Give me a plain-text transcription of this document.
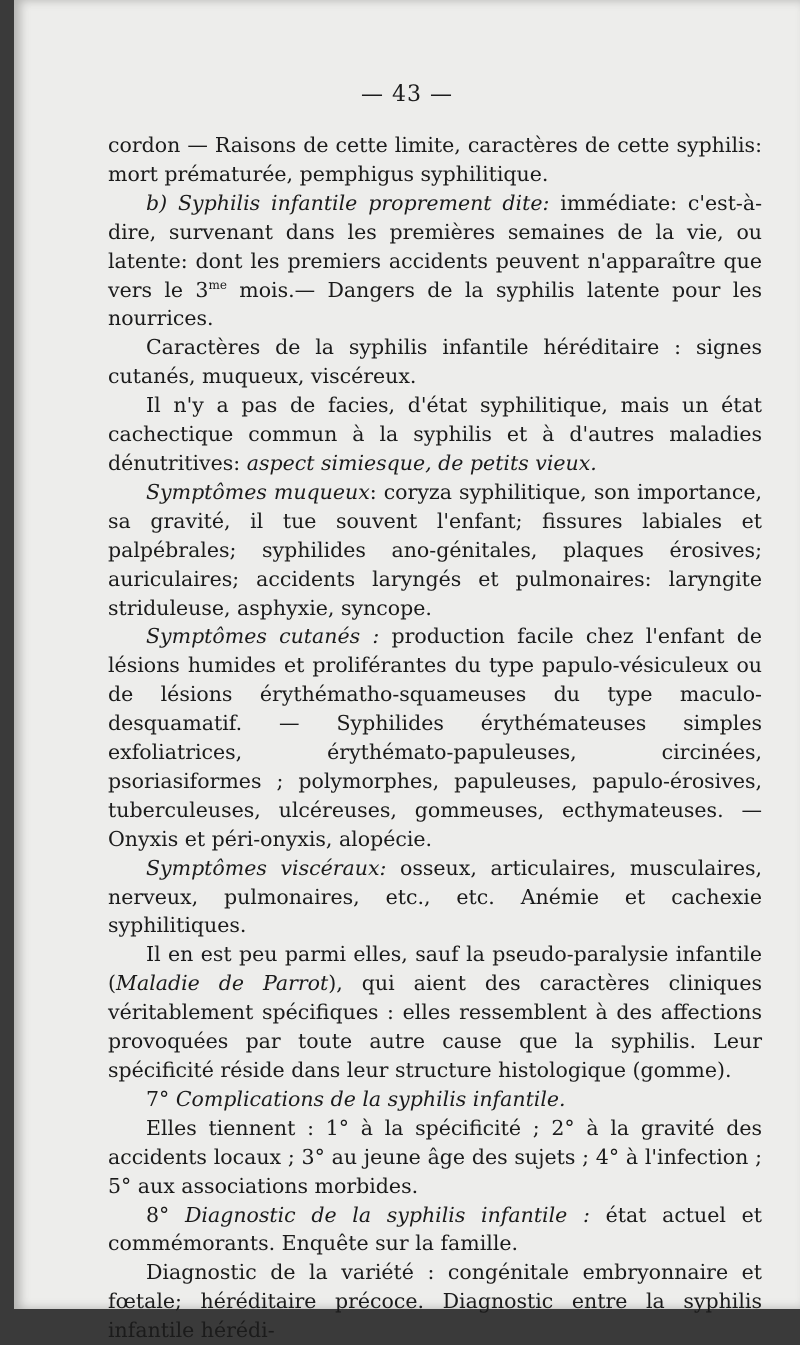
— 43 —

cordon — Raisons de cette limite, caractères de cette syphilis: mort prématurée, pemphigus syphilitique.

b) Syphilis infantile proprement dite: immédiate: c'est-à-dire, survenant dans les premières semaines de la vie, ou latente: dont les premiers accidents peuvent n'apparaître que vers le $3^{me}$ mois.— Dangers de la syphilis latente pour les nourrices.

Caractères de la syphilis infantile héréditaire : signes cutanés, muqueux, viscéreux.

Il n'y a pas de facies, d'état syphilitique, mais un état cachectique commun à la syphilis et à d'autres maladies dénutritives: aspect simiesque, de petits vieux.

Symptômes muqueux: coryza syphilitique, son importance, sa gravité, il tue souvent l'enfant; fissures labiales et palpébrales; syphilides ano-génitales, plaques érosives; auriculaires; accidents laryngés et pulmonaires: laryngite striduleuse, asphyxie, syncope.

Symptômes cutanés : production facile chez l'enfant de lésions humides et proliférantes du type papulo-vésiculeux ou de lésions érythématho-squameuses du type maculo-desquamatif. — Syphilides érythémateuses simples exfoliatrices, érythémato-papuleuses, circinées, psoriasiformes ; polymorphes, papuleuses, papulo-érosives, tuberculeuses, ulcéreuses, gommeuses, ecthymateuses. — Onyxis et péri-onyxis, alopécie.

Symptômes viscéraux: osseux, articulaires, musculaires, nerveux, pulmonaires, etc., etc. Anémie et cachexie syphilitiques.

Il en est peu parmi elles, sauf la pseudo-paralysie infantile (Maladie de Parrot), qui aient des caractères cliniques véritablement spécifiques : elles ressemblent à des affections provoquées par toute autre cause que la syphilis. Leur spécificité réside dans leur structure histologique (gomme).

7° Complications de la syphilis infantile.

Elles tiennent : 1° à la spécificité ; 2° à la gravité des accidents locaux ; 3° au jeune âge des sujets ; 4° à l'infection ; 5° aux associations morbides.

8° Diagnostic de la syphilis infantile : état actuel et commémorants. Enquête sur la famille.

Diagnostic de la variété : congénitale embryonnaire et fœtale; héréditaire précoce. Diagnostic entre la syphilis infantile hérédi-
